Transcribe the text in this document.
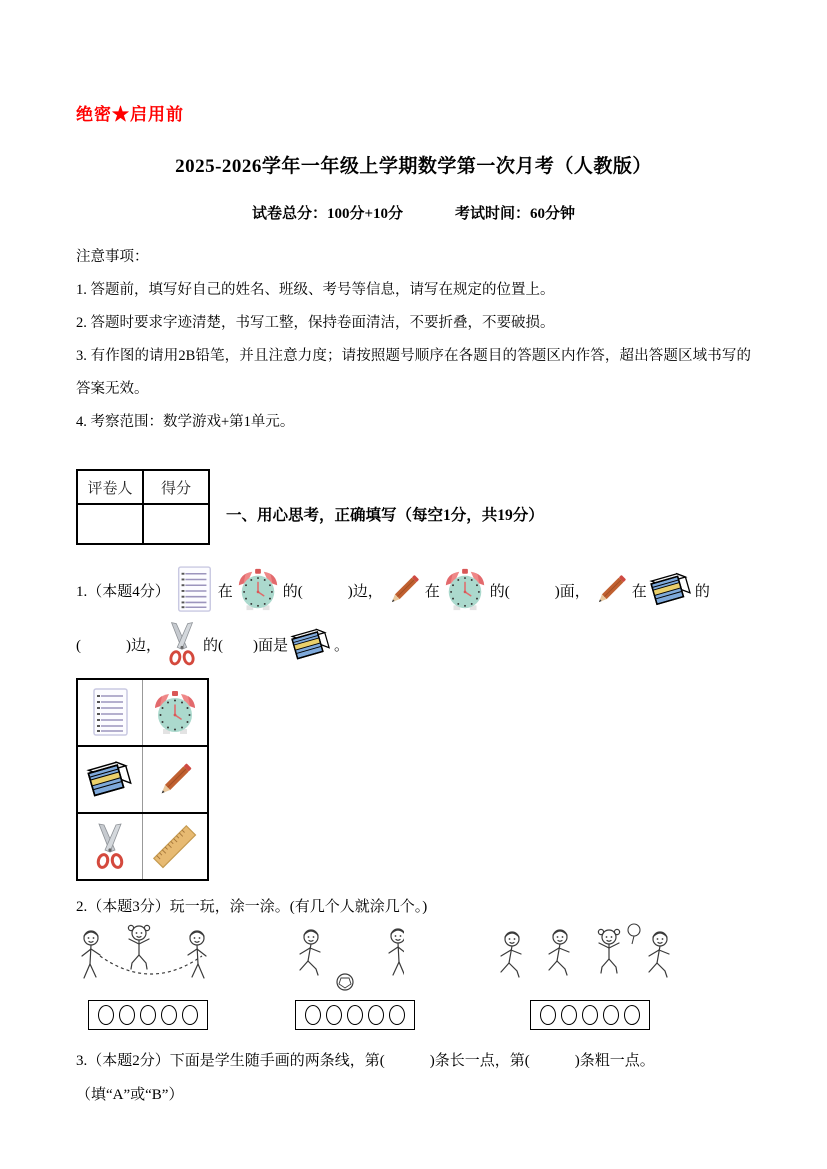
绝密★启用前
2025-2026学年一年级上学期数学第一次月考（人教版）
试卷总分：100分+10分	考试时间：60分钟

注意事项：

1. 答题前，填写好自己的姓名、班级、考号等信息，请写在规定的位置上。

2. 答题时要求字迹清楚，书写工整，保持卷面清洁，不要折叠，不要破损。

3. 有作图的请用2B铅笔，并且注意力度；请按照题号顺序在各题目的答题区内作答，超出答题区域书写的答案无效。

4. 考察范围：数学游戏+第1单元。

评卷人	得分

一、用心思考，正确填写（每空1分，共19分）
1.（本题4分）	在	的(　　　)边，	在	的(　　　)面，	在	的
(　　　)边，	的(　　)面是	。

2.（本题3分）玩一玩，涂一涂。(有几个人就涂几个。)

3.（本题2分）下面是学生随手画的两条线，第(　　　)条长一点，第(　　　)条粗一点。

（填“A”或“B”）
